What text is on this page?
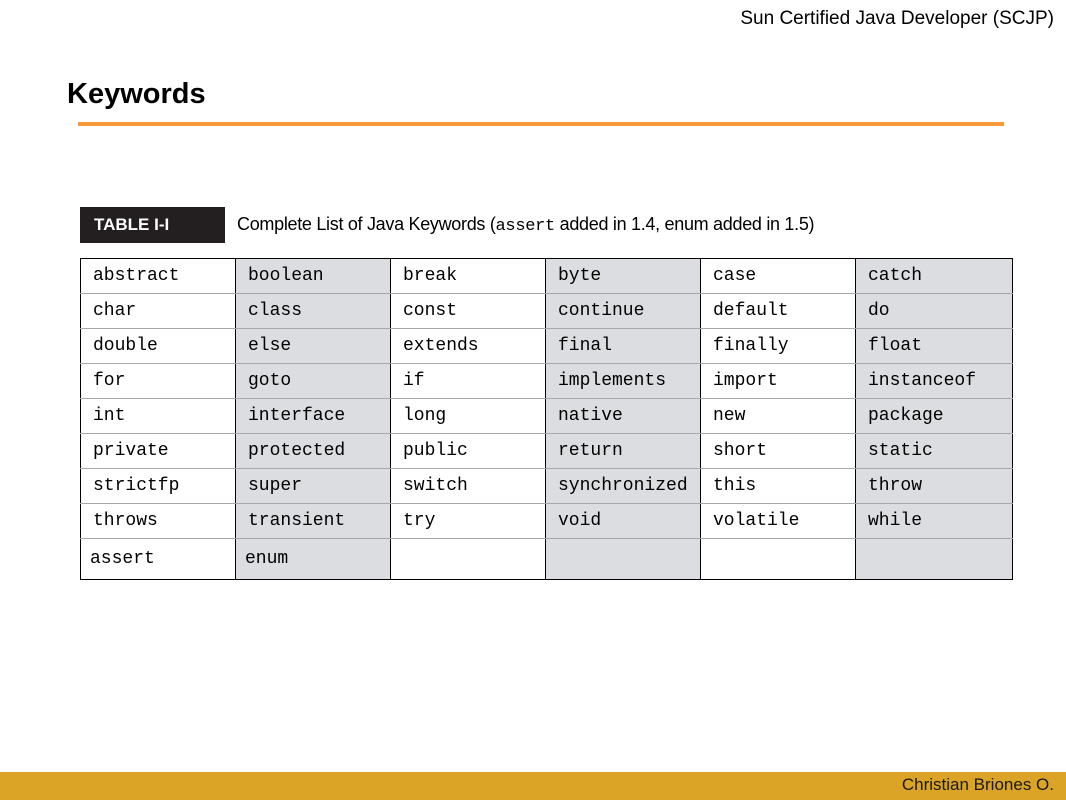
Sun Certified Java Developer (SCJP)
Keywords
TABLE I-I	Complete List of Java Keywords (assert added in 1.4, enum added in 1.5)
abstract	boolean	break	byte	case	catch
char	class	const	continue	default	do
double	else	extends	final	finally	float
for	goto	if	implements	import	instanceof
int	interface	long	native	new	package
private	protected	public	return	short	static
strictfp	super	switch	synchronized	this	throw
throws	transient	try	void	volatile	while
assert	enum				
Christian Briones O.
